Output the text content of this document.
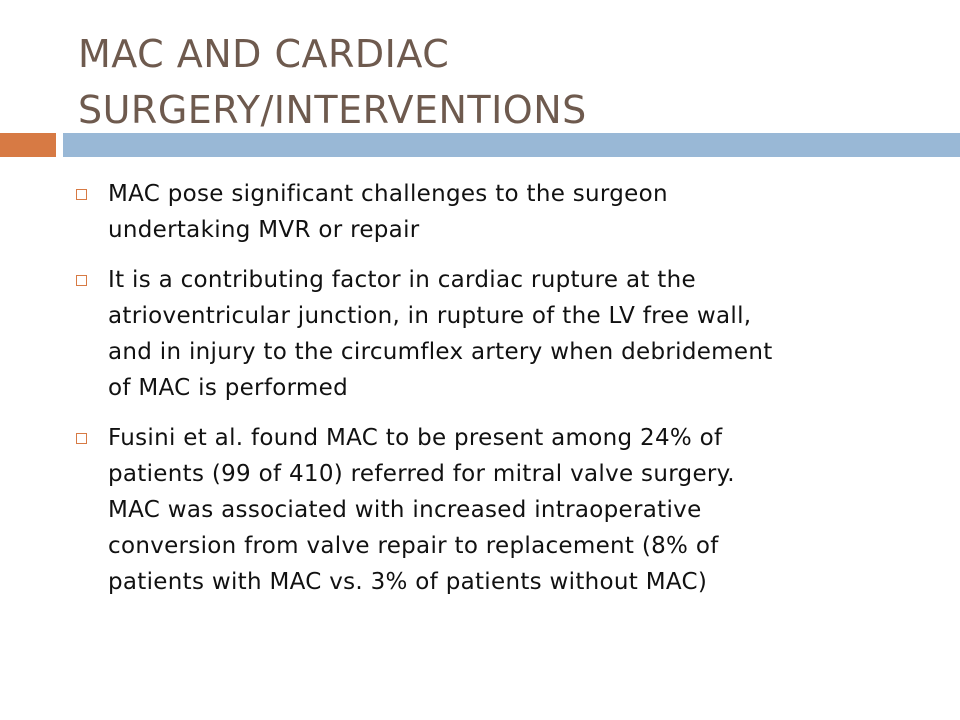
MAC AND CARDIAC
SURGERY/INTERVENTIONS
MAC pose significant challenges to the surgeon
undertaking MVR or repair
It is a contributing factor in cardiac rupture at the
atrioventricular junction, in rupture of the LV free wall,
and in injury to the circumflex artery when debridement
of MAC is performed
Fusini et al. found MAC to be present among 24% of
patients (99 of 410) referred for mitral valve surgery.
MAC was associated with increased intraoperative
conversion from valve repair to replacement (8% of
patients with MAC vs. 3% of patients without MAC)
